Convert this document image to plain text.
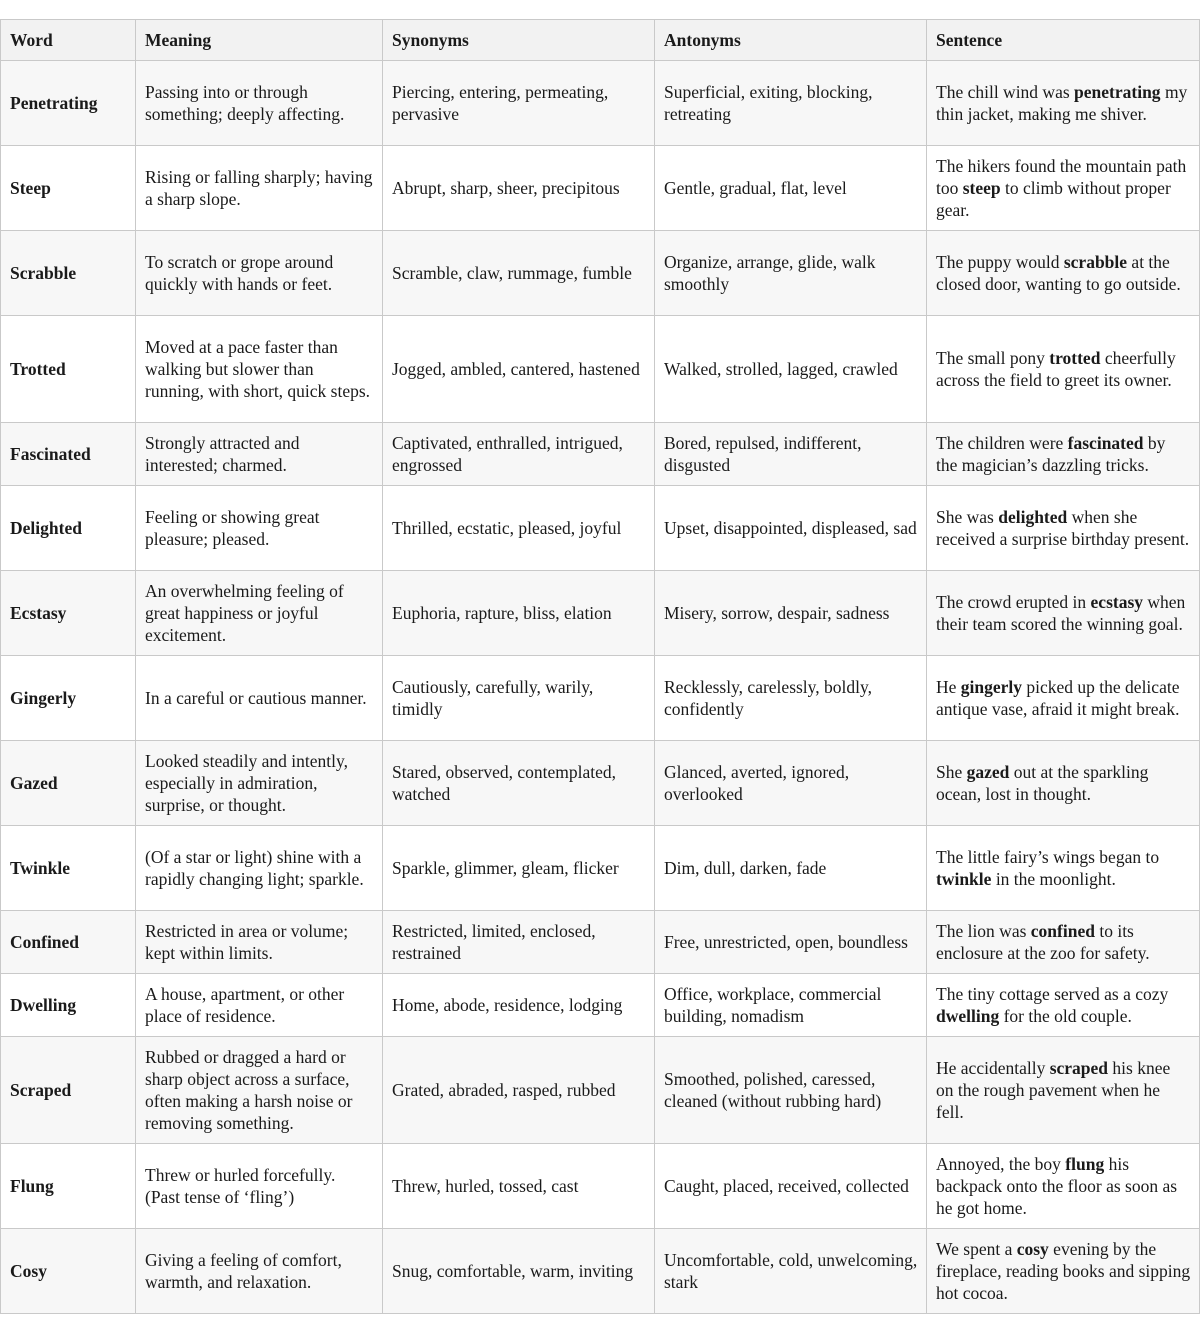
Word	Meaning	Synonyms	Antonyms	Sentence
Penetrating	Passing into or through something; deeply affecting.	Piercing, entering, permeating, pervasive	Superficial, exiting, blocking, retreating	The chill wind was penetrating my thin jacket, making me shiver.
Steep	Rising or falling sharply; having a sharp slope.	Abrupt, sharp, sheer, precipitous	Gentle, gradual, flat, level	The hikers found the mountain path too steep to climb without proper gear.
Scrabble	To scratch or grope around quickly with hands or feet.	Scramble, claw, rummage, fumble	Organize, arrange, glide, walk smoothly	The puppy would scrabble at the closed door, wanting to go outside.
Trotted	Moved at a pace faster than walking but slower than running, with short, quick steps.	Jogged, ambled, cantered, hastened	Walked, strolled, lagged, crawled	The small pony trotted cheerfully across the field to greet its owner.
Fascinated	Strongly attracted and interested; charmed.	Captivated, enthralled, intrigued, engrossed	Bored, repulsed, indifferent, disgusted	The children were fascinated by the magician’s dazzling tricks.
Delighted	Feeling or showing great pleasure; pleased.	Thrilled, ecstatic, pleased, joyful	Upset, disappointed, displeased, sad	She was delighted when she received a surprise birthday present.
Ecstasy	An overwhelming feeling of great happiness or joyful excitement.	Euphoria, rapture, bliss, elation	Misery, sorrow, despair, sadness	The crowd erupted in ecstasy when their team scored the winning goal.
Gingerly	In a careful or cautious manner.	Cautiously, carefully, warily, timidly	Recklessly, carelessly, boldly, confidently	He gingerly picked up the delicate antique vase, afraid it might break.
Gazed	Looked steadily and intently, especially in admiration, surprise, or thought.	Stared, observed, contemplated, watched	Glanced, averted, ignored, overlooked	She gazed out at the sparkling ocean, lost in thought.
Twinkle	(Of a star or light) shine with a rapidly changing light; sparkle.	Sparkle, glimmer, gleam, flicker	Dim, dull, darken, fade	The little fairy’s wings began to twinkle in the moonlight.
Confined	Restricted in area or volume; kept within limits.	Restricted, limited, enclosed, restrained	Free, unrestricted, open, boundless	The lion was confined to its enclosure at the zoo for safety.
Dwelling	A house, apartment, or other place of residence.	Home, abode, residence, lodging	Office, workplace, commercial building, nomadism	The tiny cottage served as a cozy dwelling for the old couple.
Scraped	Rubbed or dragged a hard or sharp object across a surface, often making a harsh noise or removing something.	Grated, abraded, rasped, rubbed	Smoothed, polished, caressed, cleaned (without rubbing hard)	He accidentally scraped his knee on the rough pavement when he fell.
Flung	Threw or hurled forcefully. (Past tense of ‘fling’)	Threw, hurled, tossed, cast	Caught, placed, received, collected	Annoyed, the boy flung his backpack onto the floor as soon as he got home.
Cosy	Giving a feeling of comfort, warmth, and relaxation.	Snug, comfortable, warm, inviting	Uncomfortable, cold, unwelcoming, stark	We spent a cosy evening by the fireplace, reading books and sipping hot cocoa.
